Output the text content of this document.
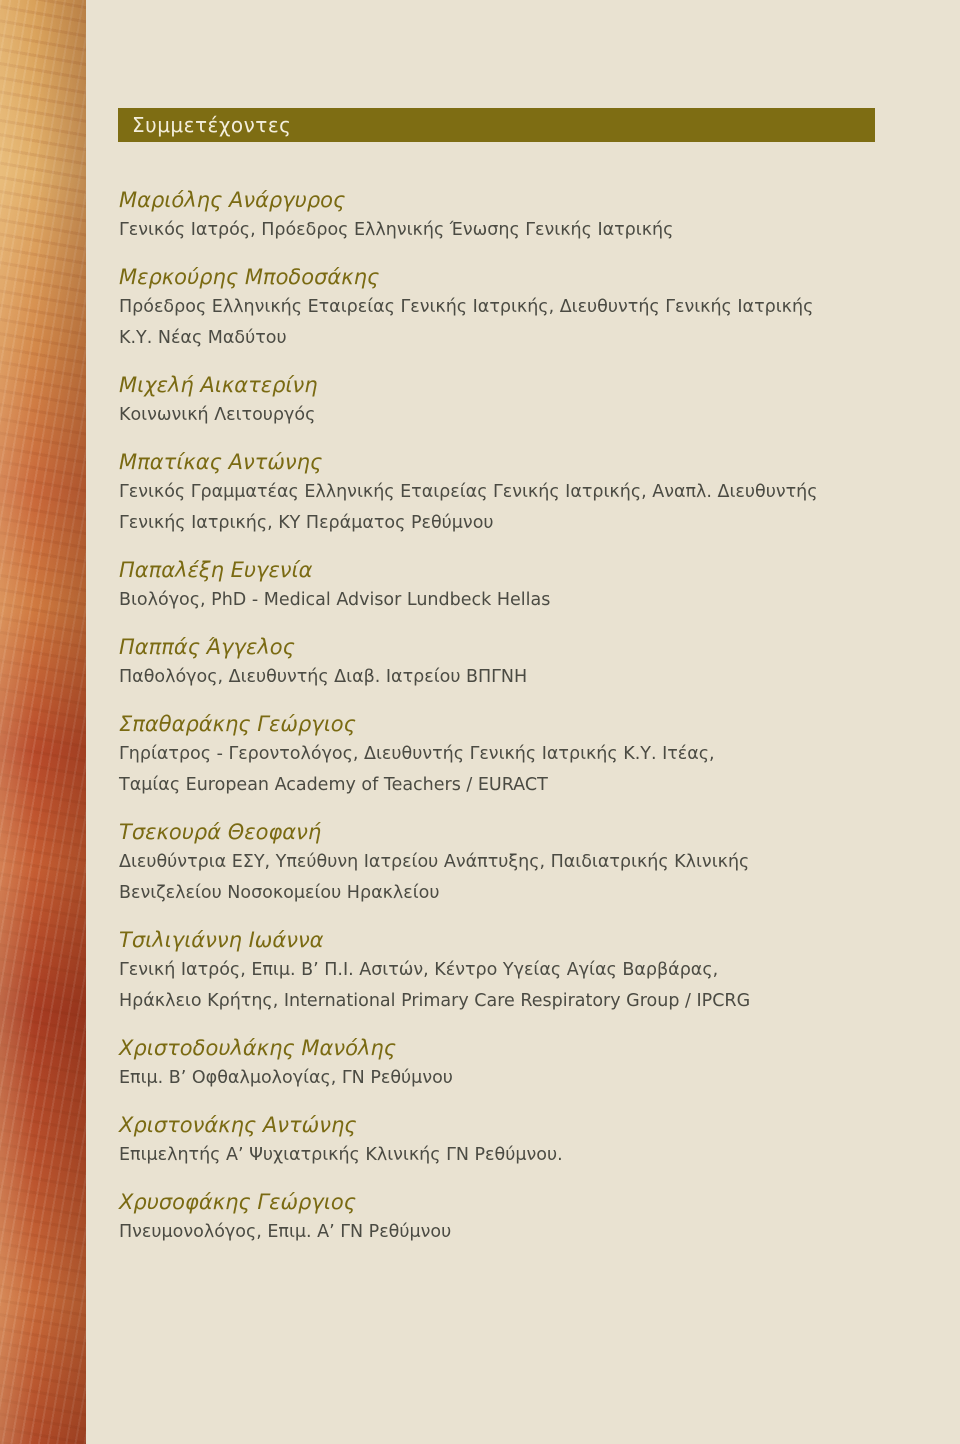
Συμμετέχοντες
Μαριόλης Ανάργυρος
Γενικός Ιατρός, Πρόεδρος Ελληνικής Ένωσης Γενικής Ιατρικής
Μερκούρης Μποδοσάκης
Πρόεδρος Ελληνικής Εταιρείας Γενικής Ιατρικής, Διευθυντής Γενικής Ιατρικής
Κ.Υ. Νέας Μαδύτου
Μιχελή Αικατερίνη
Κοινωνική Λειτουργός
Μπατίκας Αντώνης
Γενικός Γραμματέας Ελληνικής Εταιρείας Γενικής Ιατρικής, Αναπλ. Διευθυντής
Γενικής Ιατρικής, ΚΥ Περάματος Ρεθύμνου
Παπαλέξη Ευγενία
Βιολόγος, PhD - Medical Advisor Lundbeck Hellas
Παππάς Άγγελος
Παθολόγος, Διευθυντής Διαβ. Ιατρείου ΒΠΓΝΗ
Σπαθαράκης Γεώργιος
Γηρίατρος - Γεροντολόγος, Διευθυντής Γενικής Ιατρικής Κ.Υ. Ιτέας,
Ταμίας European Academy of Teachers / EURACT
Τσεκουρά Θεοφανή
Διευθύντρια ΕΣΥ, Υπεύθυνη Ιατρείου Ανάπτυξης, Παιδιατρικής Κλινικής
Βενιζελείου Νοσοκομείου Ηρακλείου
Τσιλιγιάννη Ιωάννα
Γενική Ιατρός, Επιμ. Β’ Π.Ι. Ασιτών, Κέντρο Υγείας Αγίας Βαρβάρας,
Ηράκλειο Κρήτης, International Primary Care Respiratory Group / IPCRG
Χριστοδουλάκης Μανόλης
Επιμ. Β’ Οφθαλμολογίας, ΓΝ Ρεθύμνου
Χριστονάκης Αντώνης
Επιμελητής Α’ Ψυχιατρικής Κλινικής ΓΝ Ρεθύμνου.
Χρυσοφάκης Γεώργιος
Πνευμονολόγος, Επιμ. Α’ ΓΝ Ρεθύμνου
